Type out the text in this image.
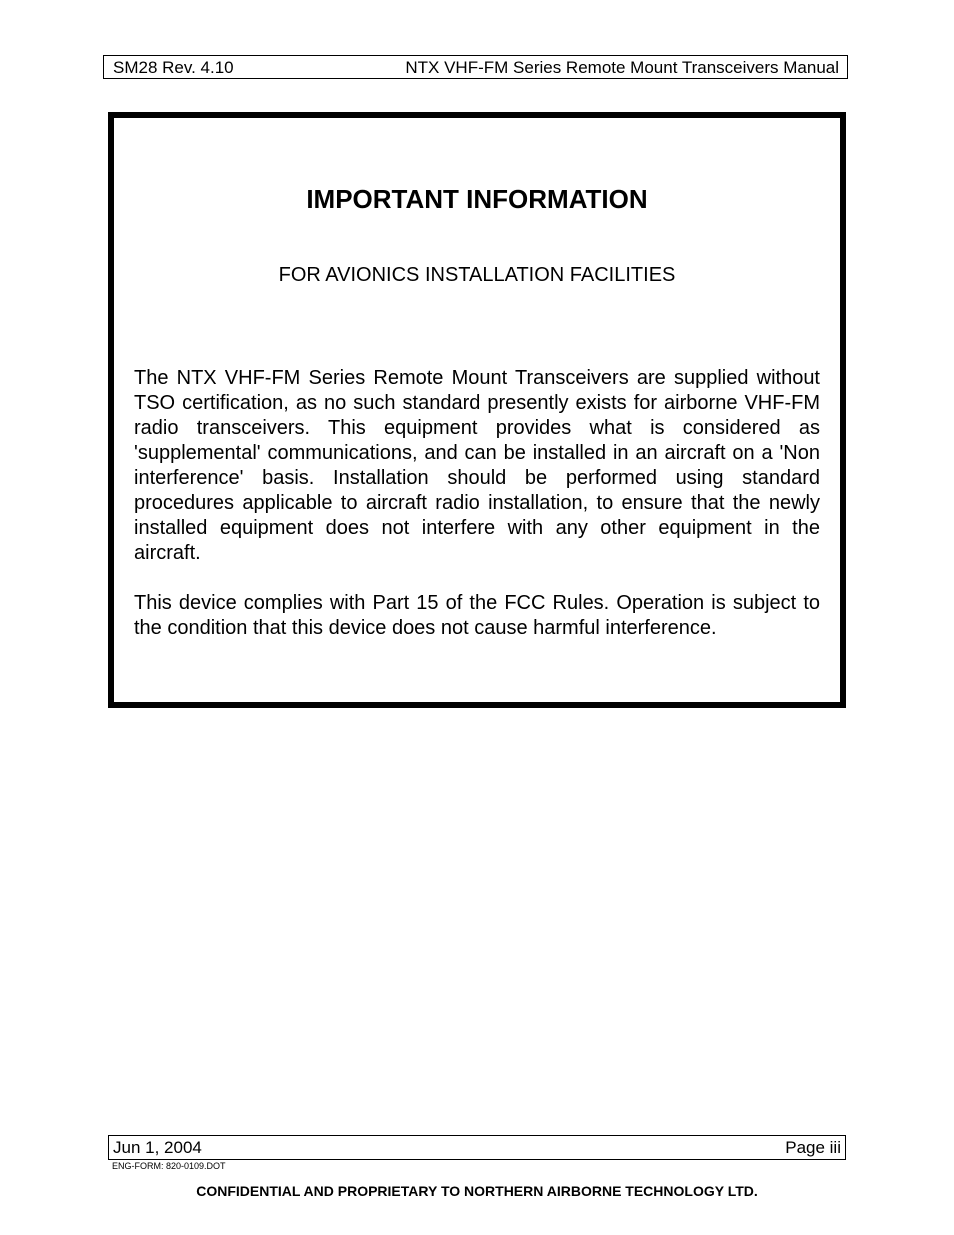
SM28 Rev. 4.10	NTX VHF-FM Series Remote Mount Transceivers Manual
IMPORTANT INFORMATION
FOR AVIONICS INSTALLATION FACILITIES

The NTX VHF-FM Series Remote Mount Transceivers are supplied without TSO certification, as no such standard presently exists for airborne VHF-FM radio transceivers. This equipment provides what is considered as 'supplemental' communications, and can be installed in an aircraft on a 'Non interference' basis. Installation should be performed using standard procedures applicable to aircraft radio installation, to ensure that the newly installed equipment does not interfere with any other equipment in the aircraft.

This device complies with Part 15 of the FCC Rules. Operation is subject to the condition that this device does not cause harmful interference.

Jun 1, 2004	Page iii
ENG-FORM: 820-0109.DOT
CONFIDENTIAL AND PROPRIETARY TO NORTHERN AIRBORNE TECHNOLOGY LTD.
